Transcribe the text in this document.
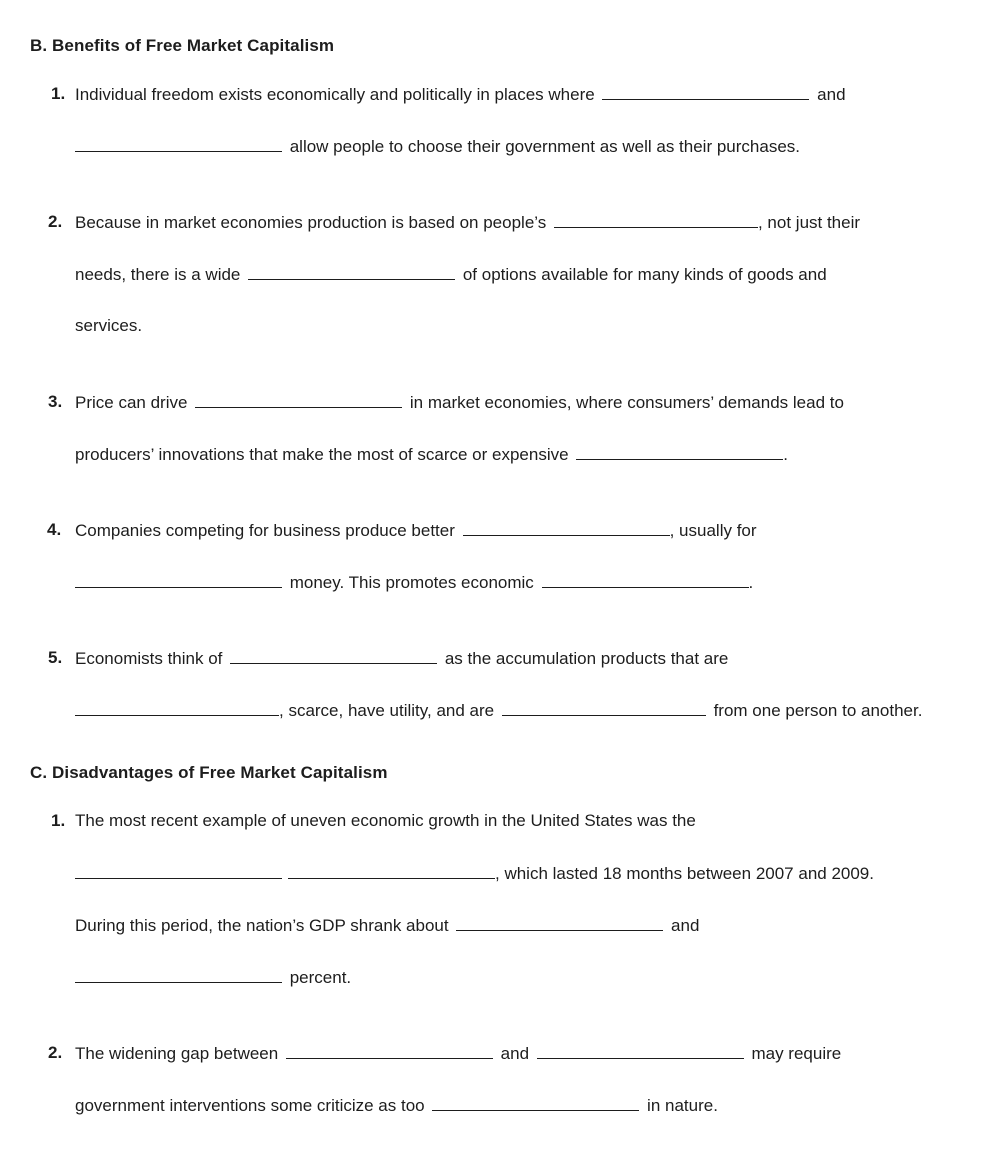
B. Benefits of Free Market Capitalism
1. Individual freedom exists economically and politically in places where	and
allow people to choose their government as well as their purchases.
2. Because in market economies production is based on people’s	, not just their
needs, there is a wide	of options available for many kinds of goods and
services.
3. Price can drive	in market economies, where consumers’ demands lead to
producers’ innovations that make the most of scarce or expensive	.
4. Companies competing for business produce better	, usually for
money. This promotes economic	.
5. Economists think of	as the accumulation products that are
, scarce, have utility, and are	from one person to another.
C. Disadvantages of Free Market Capitalism
1. The most recent example of uneven economic growth in the United States was the
, which lasted 18 months between 2007 and 2009.
During this period, the nation’s GDP shrank about	and
percent.
2. The widening gap between	and	may require
government interventions some criticize as too	in nature.
